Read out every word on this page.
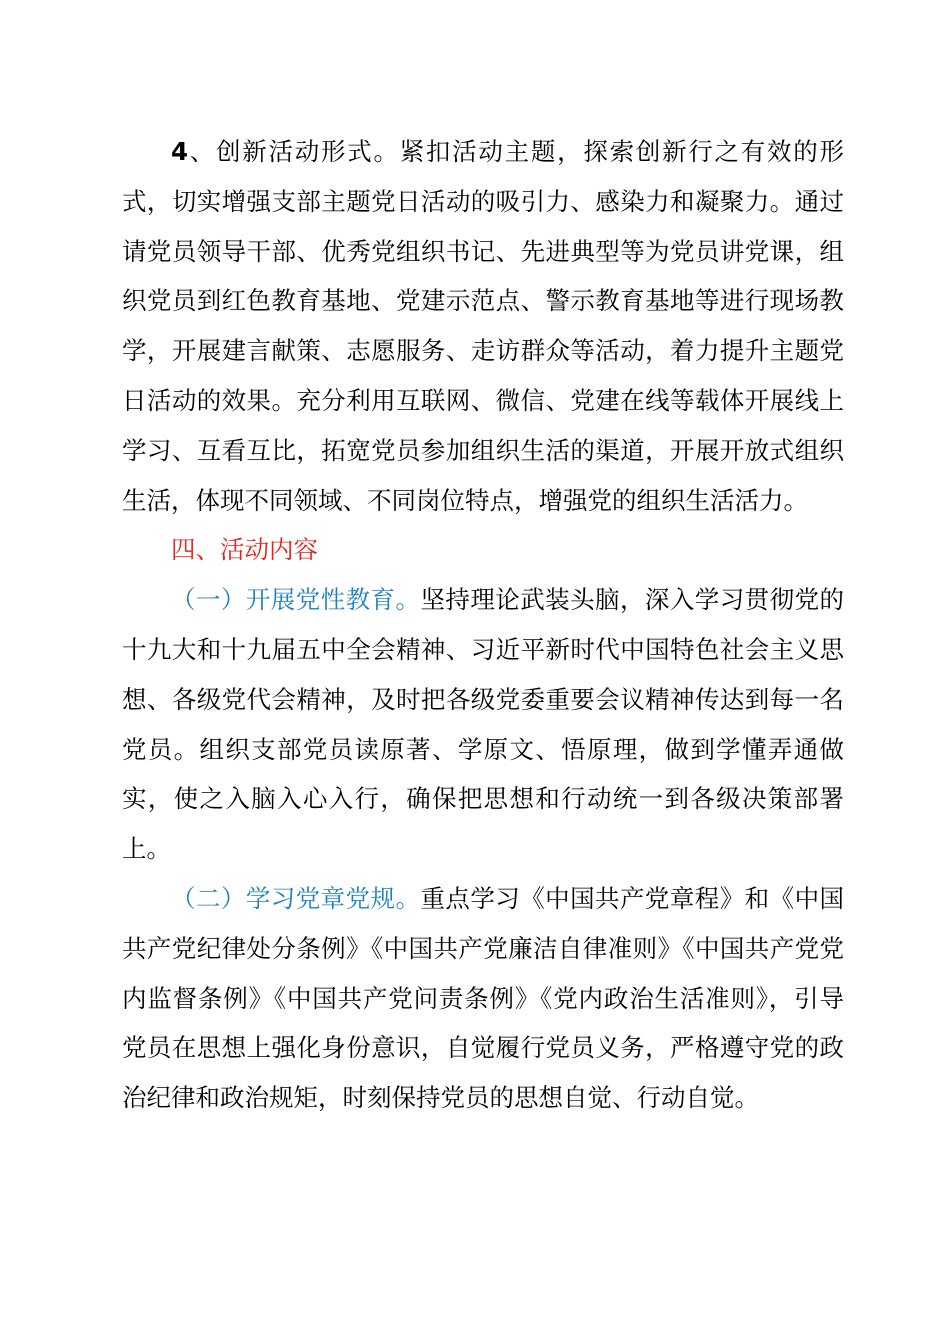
4、创新活动形式。紧扣活动主题，探索创新行之有效的形式，切实增强支部主题党日活动的吸引力、感染力和凝聚力。通过请党员领导干部、优秀党组织书记、先进典型等为党员讲党课，组织党员到红色教育基地、党建示范点、警示教育基地等进行现场教学，开展建言献策、志愿服务、走访群众等活动，着力提升主题党日活动的效果。充分利用互联网、微信、党建在线等载体开展线上学习、互看互比，拓宽党员参加组织生活的渠道，开展开放式组织生活，体现不同领域、不同岗位特点，增强党的组织生活活力。

四、活动内容

（一）开展党性教育。坚持理论武装头脑，深入学习贯彻党的十九大和十九届五中全会精神、习近平新时代中国特色社会主义思想、各级党代会精神，及时把各级党委重要会议精神传达到每一名党员。组织支部党员读原著、学原文、悟原理，做到学懂弄通做实，使之入脑入心入行，确保把思想和行动统一到各级决策部署上。

（二）学习党章党规。重点学习《中国共产党章程》和《中国共产党纪律处分条例》《中国共产党廉洁自律准则》《中国共产党党内监督条例》《中国共产党问责条例》《党内政治生活准则》，引导党员在思想上强化身份意识，自觉履行党员义务，严格遵守党的政治纪律和政治规矩，时刻保持党员的思想自觉、行动自觉。
